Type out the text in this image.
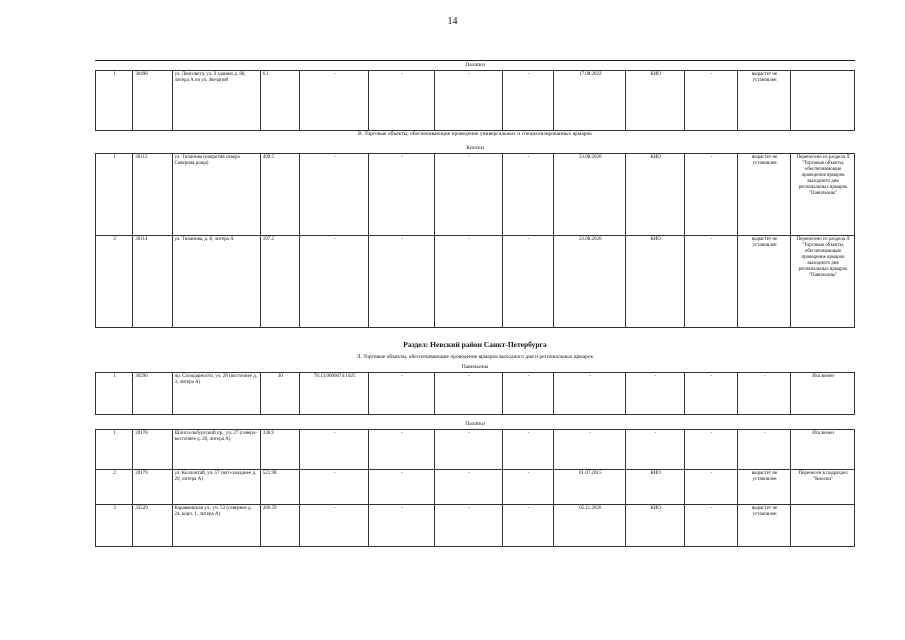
14
Палатки
1	30498	ул. Ленсовета, ул. З зданию д. 88, литера А по ул. Звездной	6.1	-	-	-	-	17.08.2022	КИО	-	вырастет не установлен	
В. Торговые объекты, обеспечивающие проведение универсальных и специализированных ярмарок
Киоски
1	30113	ул. Типанова (напротив сквера Северная роща)	499.5	-	-	-	-	23.08.2020	КИО	-	вырастет не установлен	Перенесено из раздела Л "Торговые объекты, обеспечивающие проведение ярмарок выходного дня региональных ярмарок "Павильоны"
2	30114	ул. Типанова, д. 8, литера А	197.2	-	-	-	-	23.08.2020	КИО	-	вырастет не установлен	Перенесено из раздела Л "Торговые объекты, обеспечивающие проведение ярмарок выходного дня региональных ярмарок "Павильоны"
Раздел: Невский район Санкт-Петербурга
Л. Торговые объекты, обеспечивающие проведение ярмарок выходного дня и региональных ярмарок
Павильоны
1	30290	пр. Солидарности, уч. 28 (восточнее д. 3, литера А)	30	78:13:0006074:1025	-	-	-	-	-	-	-	Исключен
Палатки
1	20178	Шлиссельбургский пр., уч. 27 (северо-восточнее д. 20, литера А)	338.9	-	-	-	-	-	-	-	-	Исключен
2	20179	ул. Коллонтай, уч. 57 (юго-западнее д. 20, литера А)	521.98	-	-	-	-	01.07.2015	КИО	-	вырастет не установлен	Перенесен в подраздел "Киоски"
3	33529	Караваевская ул., уч. 53 (севернее д. 24, корп. 1, литера А)	360.59	-	-	-	-	05.11.2026	КИО	-	вырастет не установлен	
